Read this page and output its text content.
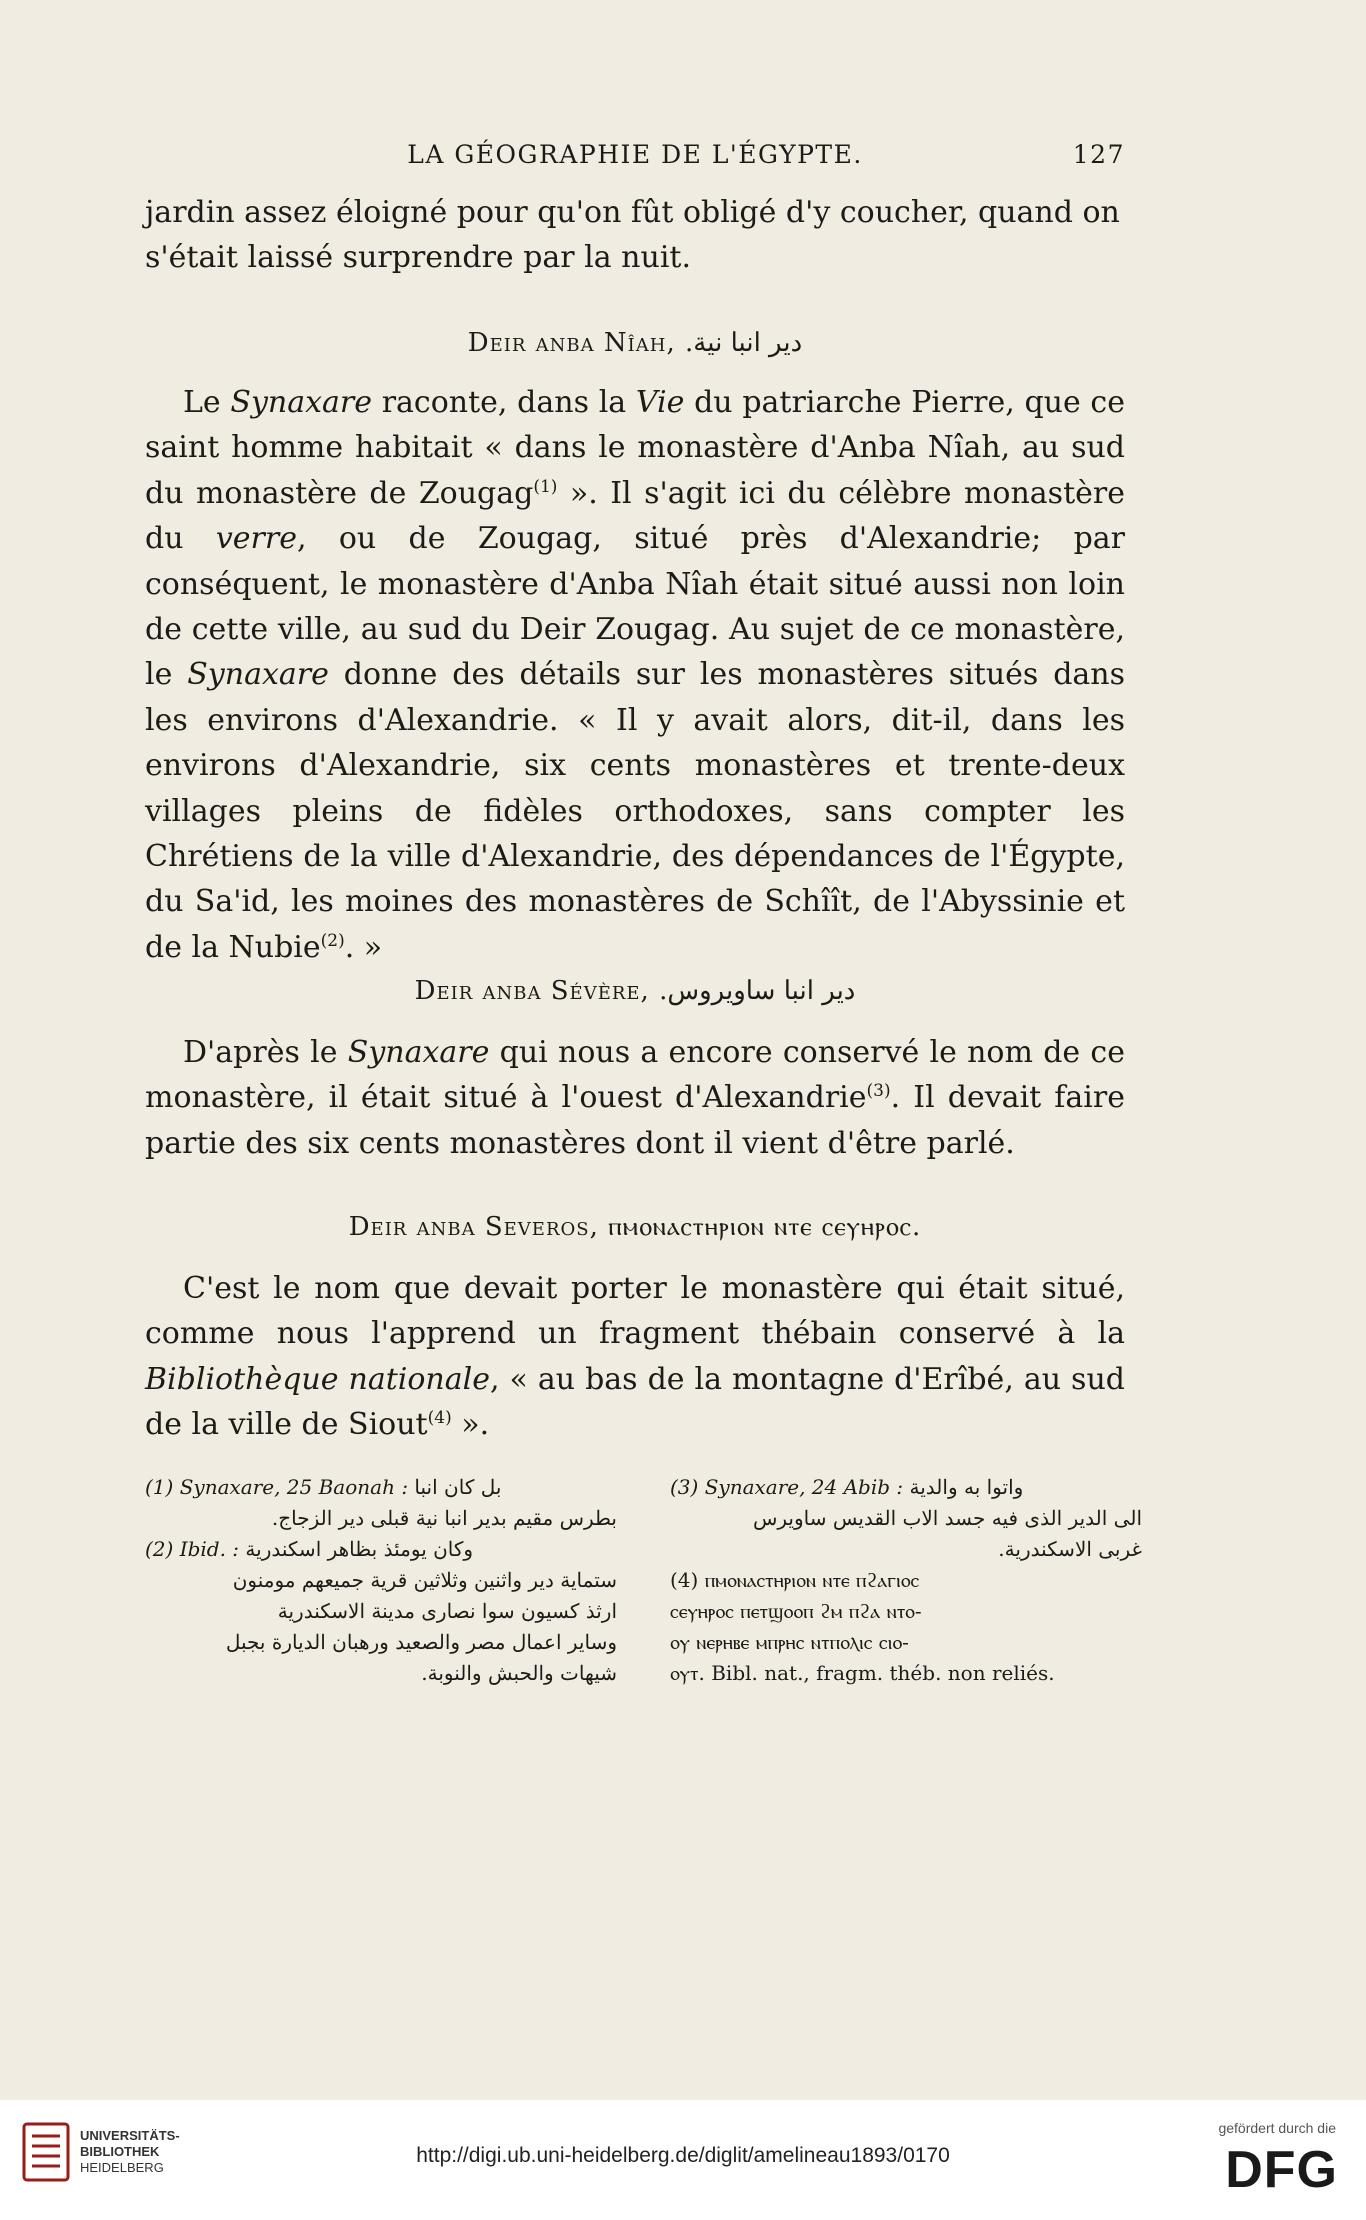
LA GÉOGRAPHIE DE L'ÉGYPTE.	127
jardin assez éloigné pour qu'on fût obligé d'y coucher, quand on
s'était laissé surprendre par la nuit.
Deir anba Nîah, دير انبا نية.
Le Synaxare raconte, dans la Vie du patriarche Pierre, que ce saint homme habitait « dans le monastère d'Anba Nîah, au sud du monastère de Zougag$^{(1)}$ ». Il s'agit ici du célèbre monastère du verre, ou de Zougag, situé près d'Alexandrie; par conséquent, le monastère d'Anba Nîah était situé aussi non loin de cette ville, au sud du Deir Zougag. Au sujet de ce monastère, le Synaxare donne des détails sur les monastères situés dans les environs d'Alexandrie. « Il y avait alors, dit-il, dans les environs d'Alexandrie, six cents monastères et trente-deux villages pleins de fidèles orthodoxes, sans compter les Chrétiens de la ville d'Alexandrie, des dépendances de l'Égypte, du Sa'id, les moines des monastères de Schîît, de l'Abyssinie et de la Nubie$^{(2)}$. »
Deir anba Sévère, دير انبا ساويروس.
D'après le Synaxare qui nous a encore conservé le nom de ce monastère, il était situé à l'ouest d'Alexandrie$^{(3)}$. Il devait faire partie des six cents monastères dont il vient d'être parlé.
Deir anba Severos, ⲡⲙⲟⲛⲁⲥⲧⲏⲣⲓⲟⲛ ⲛⲧⲉ ⲥⲉⲩⲏⲣⲟⲥ.
C'est le nom que devait porter le monastère qui était situé, comme nous l'apprend un fragment thébain conservé à la Bibliothèque nationale, « au bas de la montagne d'Erîbé, au sud de la ville de Siout$^{(4)}$ ».
(1) Synaxare, 25 Baonah : بل كان انبا
بطرس مقيم بدير انبا نية قبلى دير الزجاج.
(2) Ibid. : وكان يومئذ بظاهر اسكندرية
ستماية دير واثنين وثلاثين قرية جميعهم مومنون
ارثذ كسيون سوا نصارى مدينة الاسكندرية
وساير اعمال مصر والصعيد ورهبان الديارة بجبل
شيهات والحبش والنوبة.
(3) Synaxare, 24 Abib : واتوا به والدية
الى الدير الذى فيه جسد الاب القديس ساويرس
غربى الاسكندرية.
(4) ⲡⲙⲟⲛⲁⲥⲧⲏⲣⲓⲟⲛ ⲛⲧⲉ ⲡϩⲁⲅⲓⲟⲥ
ⲥⲉⲩⲏⲣⲟⲥ ⲡⲉⲧϣⲟⲟⲡ ϩⲙ ⲡϩⲁ ⲛⲧⲟ-
ⲟⲩ ⲛⲉⲣⲏⲃⲉ ⲙⲡⲣⲏⲥ ⲛⲧⲡⲟⲗⲓⲥ ⲥⲓⲟ-
ⲟⲩⲧ. Bibl. nat., fragm. théb. non reliés.
UNIVERSITÄTS-
BIBLIOTHEK
HEIDELBERG
http://digi.ub.uni-heidelberg.de/diglit/amelineau1893/0170
gefördert durch die
DFG
